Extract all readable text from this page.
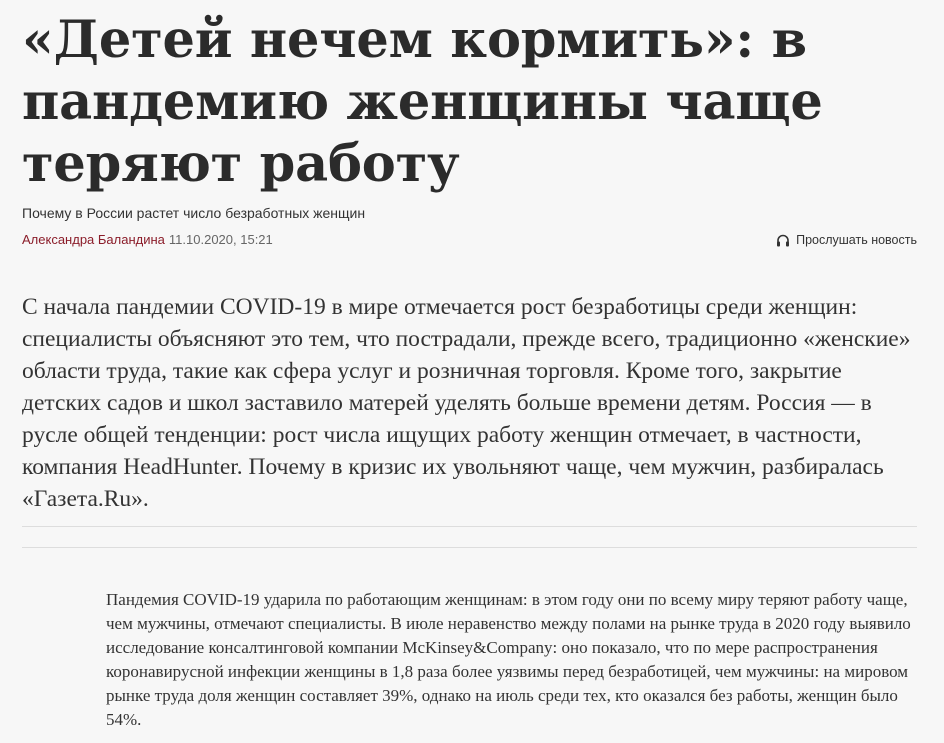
«Детей нечем кормить»: в пандемию женщины чаще теряют работу
Почему в России растет число безработных женщин
Александра Баландина 11.10.2020, 15:21	Прослушать новость

С начала пандемии COVID-19 в мире отмечается рост безработицы среди женщин: специалисты объясняют это тем, что пострадали, прежде всего, традиционно «женские» области труда, такие как сфера услуг и розничная торговля. Кроме того, закрытие детских садов и школ заставило матерей уделять больше времени детям. Россия — в русле общей тенденции: рост числа ищущих работу женщин отмечает, в частности, компания HeadHunter. Почему в кризис их увольняют чаще, чем мужчин, разбиралась «Газета.Ru».

Пандемия COVID-19 ударила по работающим женщинам: в этом году они по всему миру теряют работу чаще, чем мужчины, отмечают специалисты. В июле неравенство между полами на рынке труда в 2020 году выявило исследование консалтинговой компании McKinsey&Company: оно показало, что по мере распространения коронавирусной инфекции женщины в 1,8 раза более уязвимы перед безработицей, чем мужчины: на мировом рынке труда доля женщин составляет 39%, однако на июль среди тех, кто оказался без работы, женщин было 54%.
